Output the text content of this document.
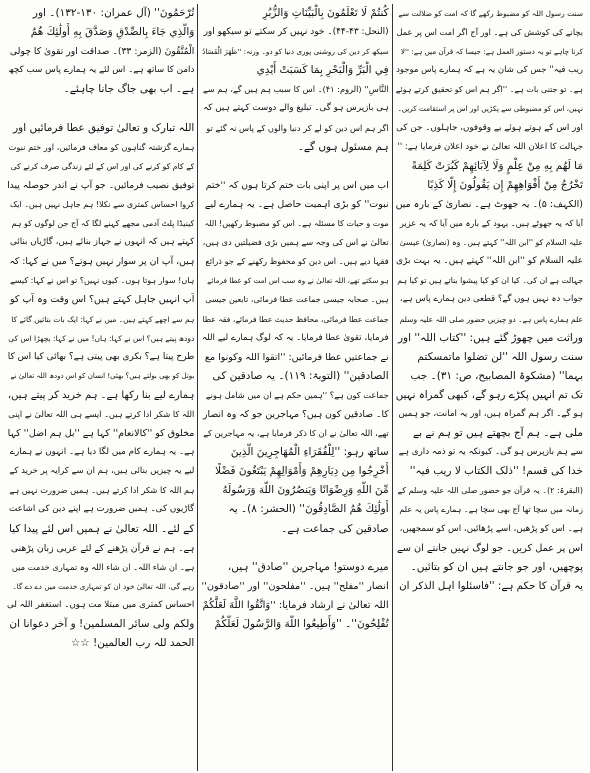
سنت رسول اللہ کو مضبوط رکھے گا کہ امت کو ضلالت سے
بچانے کی کوشش کی ہے۔ اور آج اگر امت اس پر عمل
کرنا چاہے تو یہ دستور العمل ہے: جیسا کہ قرآن میں ہے: ''لا
ریب فیہ'' جس کی شان یہ ہے کہ ہمارے پاس موجود
ہے۔ تو جتنی بات ہے۔ ''اگر ہم اس کو تحقیق کرتے ہوئے
نہیں، اس کو مضبوطی سے پکڑیں اور اس پر استقامت کریں۔
اور اس کے ہوتے ہوئے بے وقوفوں، جاہلوں۔ جن کی
جہالت کا اعلان اللہ تعالیٰ نے خود اعلان فرمایا ہے: ''
مَا لَهُم بِهِ مِنْ عِلْمٍ وَلَا لِآبَائِهِمْ كَبُرَتْ كَلِمَةً
تَخْرُجُ مِنْ أَفْوَاهِهِمْ إِن يَقُولُونَ إِلَّا كَذِبًا
(الکہف: ۵)۔ یہ جھوٹ ہے۔ نصاریٰ کے بارہ میں
آیا کہ یہ جھوٹے ہیں۔ یہود کے بارہ میں آیا کہ یہ عزیر
علیہ السلام کو ''ابن اللہ'' کہتے ہیں۔ وہ (نصاریٰ) عیسیٰ
علیہ السلام کو ''ابن اللہ'' کہتے ہیں۔ یہ بہت بڑی
جہالت ہے ان کی۔ کیا ان کو کیا پیشوا بناتے ہیں تو کیا ہم
جواب دہ نہیں ہوں گے؟ قطعی دین ہمارے پاس ہے،
علم ہمارے پاس ہے۔ دو چیزیں حضور صلی اللہ علیہ وسلم
وراثت میں چھوڑ گئے ہیں: ''کتاب اللہ'' اور
سنت رسول اللہ ''لن تضلوا ماتمسکتم
بہما'' (مشکوۃ المصابیح، ص: ۳۱)۔ جب
تک تم انہیں پکڑے رہو گے، کبھی گمراہ نہیں
ہو گے۔ اگر ہم گمراہ ہیں، اور یہ امانت، جو ہمیں
ملی ہے۔ ہم آج بچھتے ہیں تو ہم نے بے
سے ہم بازپرس ہو گی۔ کیونکہ یہ تو ذمہ داری ہے
خدا کی قسم! ''ذلک الکتاب لا ریب فیہ''
(البقرۃ: ۲)۔ یہ قرآن جو حضور صلی اللہ علیہ وسلم کے
زمانہ میں سچا تھا آج بھی سچا ہے۔ ہمارے پاس یہ علم
ہے۔ اس کو پڑھیں، اسے پڑھائیں، اس کو سمجھیں،
اس پر عمل کریں۔ جو لوگ نہیں جانتے ان سے
پوچھیں، اور جو جانتے ہیں ان کو بتائیں۔
یہ قرآن کا حکم ہے: ''فاسئلوا اہل الذکر ان
کُنتُمْ لَا تَعْلَمُونَ بِالْبَیِّنَاتِ وَالزُّبُرِ
(النحل: ۴۳-۴۴)۔ خود نہیں کر سکتے تو سیکھو اور
سیکھ کر دین کی روشنی پوری دنیا کو دو۔ ورنہ: ''ظَهَرَ الْفَسَادُ
فِي الْبَرِّ وَالْبَحْرِ بِمَا كَسَبَتْ أَيْدِي
النَّاسِ'' (الروم: ۴۱)۔ اس کا سبب ہم ہیں گے، ہم سے
ہی بازپرس ہو گی۔ تبلیغ والے دوست کہتے ہیں کہ
اگر ہم اس دین کو لے کر دنیا والوں کے پاس نہ گئے تو
ہم مسئول ہوں گے۔

اب میں اس پر اپنی بات ختم کرتا ہوں کہ ''ختم
نبوت'' کو بڑی اہمیت حاصل ہے۔ یہ ہمارے لیے
موت و حیات کا مسئلہ ہے۔ اس کو مضبوط رکھیں! اللہ
تعالیٰ نے اس کی وجہ سے ہمیں بڑی فضیلتیں دی ہیں،
فقہا دیے ہیں۔ اس دین کو محفوظ رکھنے کے جو ذرائع
ہو سکتے تھے، اللہ تعالیٰ نے وہ سب اس امت کو عطا فرمائے
ہیں۔ صحابہ جیسی جماعت عطا فرمائی، تابعین جیسی
جماعت عطا فرمائی، محافظ حدیث عطا فرمائے، فقہ عطا
فرمایا، تقویٰ عطا فرمایا۔ یہ کہ لوگ ہمارے لیے اللہ
نے جماعتیں عطا فرمائیں: ''اتقوا اللہ وکونوا مع
الصادقین'' (التوبۃ: ۱۱۹)۔ یہ صادقین کی
جماعت کون ہے؟ ''ہمیں حکم ہے ان میں شامل ہونے
کا۔ صادقین کون ہیں؟ مہاجرین جو کہ وہ انصار
تھے، اللہ تعالیٰ نے ان کا ذکر فرمایا ہے، یہ مہاجرین کے
ساتھ رہو: ''لِلْفُقَرَاءِ الْمُهَاجِرِينَ الَّذِينَ
أُخْرِجُوا مِن دِيَارِهِمْ وَأَمْوَالِهِمْ يَبْتَغُونَ فَضْلًا
مِّنَ اللَّهِ وَرِضْوَانًا وَيَنصُرُونَ اللَّهَ وَرَسُولَهُ
أُولَٰئِكَ هُمُ الصَّادِقُونَ'' (الحشر: ۸)۔ یہ
صادقین کی جماعت ہے۔

میرے دوستو! مہاجرین ''صادق'' ہیں،
انصار ''مفلح'' ہیں۔ ''مفلحون'' اور ''صادقون''
اللہ تعالیٰ نے ارشاد فرمایا: ''وَاتَّقُوا اللَّهَ لَعَلَّكُمْ
تُفْلِحُونَ''۔ ''وَأَطِيعُوا اللَّهَ وَالرَّسُولَ لَعَلَّكُمْ
تُرْحَمُونَ'' (آل عمران: ۱۳۰-۱۳۲)۔ اور
وَالَّذِي جَاءَ بِالصِّدْقِ وَصَدَّقَ بِهِ أُولَٰئِكَ هُمُ
الْمُتَّقُونَ (الزمر: ۳۳)۔ صداقت اور تقویٰ کا چولی
دامن کا ساتھ ہے۔ اس لئے یہ ہمارے پاس سب کچھ
ہے۔ اب بھی جاگ جانا چاہئے۔

اللہ تبارک و تعالیٰ توفیق عطا فرمائیں اور
ہمارے گزشتہ گناہوں کو معاف فرمائیں، اور ختم نبوت
کے کام کو کرنے کی اور اس کے لئے زندگی صرف کرنے کی
توفیق نصیب فرمائیں۔ جو آپ نے اندر حوصلہ پیدا
کروا احساس کمتری سے نکلا! ہم جاہل نہیں ہیں۔ ایک
کینیڈا پلٹ آدمی مجھے کہنے لگا کہ آج جن لوگوں کو ہم
کہتے ہیں کہ انہوں نے جہاز بنائے ہیں، گاڑیاں بنائی
ہیں، آپ ان پر سوار نہیں ہوتے؟ میں نے کہا: کہ
ہاں! سوار ہوتا ہوں۔ کیوں نہیں؟ تو اس نے کہا: کیسے
آپ انہیں جاہل کہتے ہیں؟ اس وقت وہ آپ کو
ہم سے اچھے کہتے ہیں۔ میں نے کہا: ایک بات بتائیں گائے کا
دودھ پیتے ہیں؟ اس نے کہا: ہاں! میں نے کہا: بچھڑا اس کی
طرح پیتا ہے؟ بکری بھی پیتی ہے؟ بھائی کیا اس کا
بوتل کو بھی بولتے ہیں؟ بھئی! انسان کو اس دودھ اللہ تعالیٰ نے
ہمارے لیے بنا رکھا ہے۔ ہم خرید کر پیتے ہیں،
اللہ کا شکر ادا کرتے ہیں۔ ایسے ہی اللہ تعالیٰ نے اپنی
مخلوق کو ''کالانعام'' کہا ہے ''بل ہم اضل'' کہا
ہے۔ یہ ہمارے کام میں لگا دیا ہے۔ انہوں نے ہمارے
لیے یہ چیزیں بنائی ہیں، ہم ان سے کرایہ پر خرید کے
ہم اللہ کا شکر ادا کرتے ہیں۔ ہمیں ضرورت نہیں ہے
گاڑیوں کی۔ ہمیں ضرورت ہے اپنے دین کی اشاعت
کے لئے۔ اللہ تعالیٰ نے ہمیں اس لئے پیدا کیا
ہے۔ ہم نے قرآن پڑھنے کے لئے عربی زبان پڑھنی
ہے۔ ان شاء اللہ۔ ان شاء اللہ وہ تمہاری خدمت میں
رہے گی، اللہ تعالیٰ خود ان کو تمہاری خدمت میں دے دے گا۔
احساس کمتری میں مبتلا مت ہوں۔ استغفر اللہ لی
ولکم ولی سائر المسلمین! و آخر دعوانا ان
الحمد للہ رب العالمین! ☆☆
